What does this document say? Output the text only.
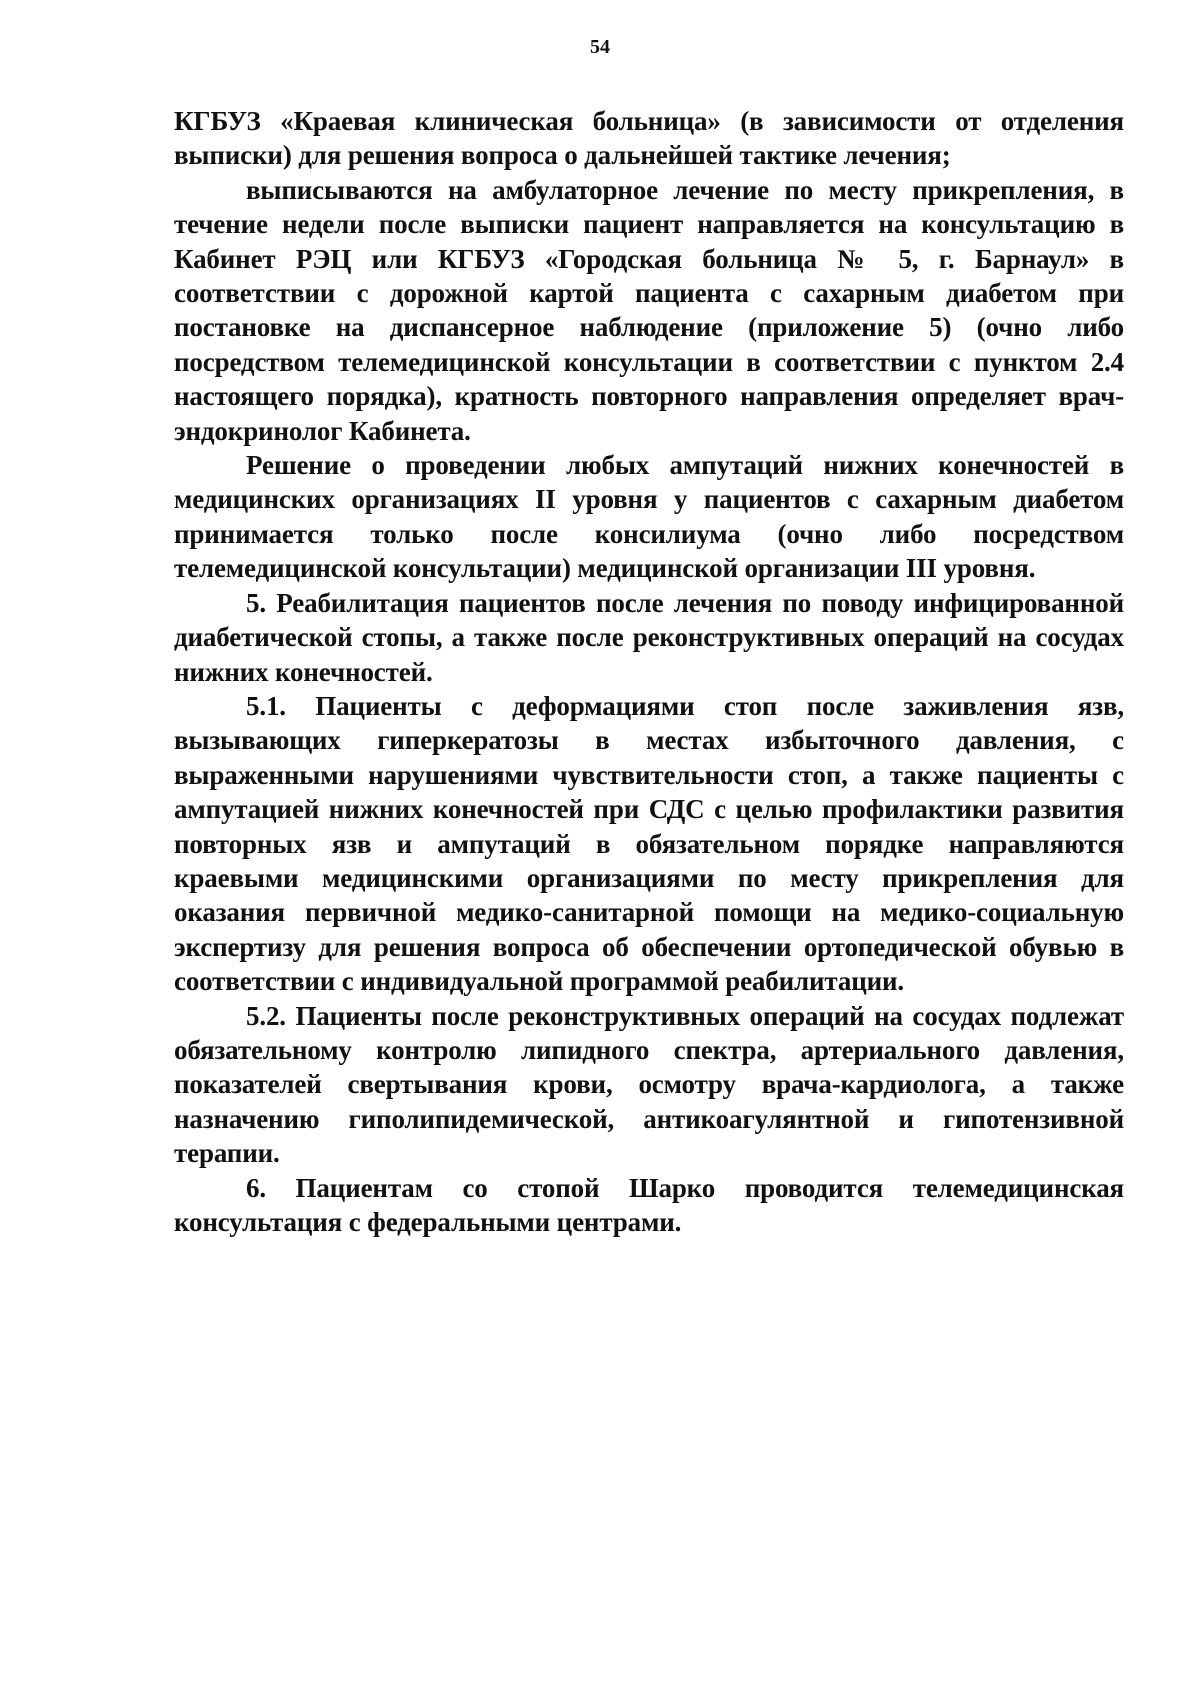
54

КГБУЗ «Краевая клиническая больница» (в зависимости от отделения выписки) для решения вопроса о дальнейшей тактике лечения;

выписываются на амбулаторное лечение по месту прикрепления, в течение недели после выписки пациент направляется на консультацию в Кабинет РЭЦ или КГБУЗ «Городская больница № 5, г. Барнаул» в соответствии с дорожной картой пациента с сахарным диабетом при постановке на диспансерное наблюдение (приложение 5) (очно либо посредством телемедицинской консультации в соответствии с пунктом 2.4 настоящего порядка), кратность повторного направления определяет врач-эндокринолог Кабинета.

Решение о проведении любых ампутаций нижних конечностей в медицинских организациях II уровня у пациентов с сахарным диабетом принимается только после консилиума (очно либо посредством телемедицинской консультации) медицинской организации III уровня.

5. Реабилитация пациентов после лечения по поводу инфицированной диабетической стопы, а также после реконструктивных операций на сосудах нижних конечностей.

5.1. Пациенты с деформациями стоп после заживления язв, вызывающих гиперкератозы в местах избыточного давления, с выраженными нарушениями чувствительности стоп, а также пациенты с ампутацией нижних конечностей при СДС с целью профилактики развития повторных язв и ампутаций в обязательном порядке направляются краевыми медицинскими организациями по месту прикрепления для оказания первичной медико-санитарной помощи на медико-социальную экспертизу для решения вопроса об обеспечении ортопедической обувью в соответствии с индивидуальной программой реабилитации.

5.2. Пациенты после реконструктивных операций на сосудах подлежат обязательному контролю липидного спектра, артериального давления, показателей свертывания крови, осмотру врача-кардиолога, а также назначению гиполипидемической, антикоагулянтной и гипотензивной терапии.

6. Пациентам со стопой Шарко проводится телемедицинская консультация с федеральными центрами.
